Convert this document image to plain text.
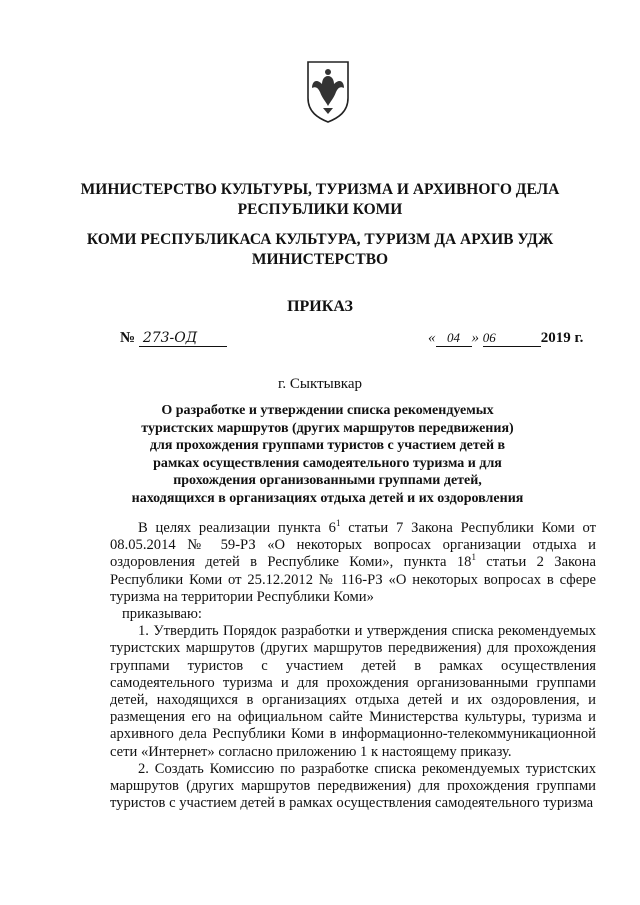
МИНИСТЕРСТВО КУЛЬТУРЫ, ТУРИЗМА И АРХИВНОГО ДЕЛА
РЕСПУБЛИКИ КОМИ
КОМИ РЕСПУБЛИКАСА КУЛЬТУРА, ТУРИЗМ ДА АРХИВ УДЖ
МИНИСТЕРСТВО

ПРИКАЗ

№ 273-ОД	« 04 » 06	2019 г.

г. Сыктывкар

О разработке и утверждении списка рекомендуемых туристских маршрутов (других маршрутов передвижения) для прохождения группами туристов с участием детей в рамках осуществления самодеятельного туризма и для прохождения организованными группами детей, находящихся в организациях отдыха детей и их оздоровления

В целях реализации пункта $6^1$ статьи 7 Закона Республики Коми от 08.05.2014 № 59-РЗ «О некоторых вопросах организации отдыха и оздоровления детей в Республике Коми», пункта $18^1$ статьи 2 Закона Республики Коми от 25.12.2012 № 116-РЗ «О некоторых вопросах в сфере туризма на территории Республики Коми»

приказываю:

1. Утвердить Порядок разработки и утверждения списка рекомендуемых туристских маршрутов (других маршрутов передвижения) для прохождения группами туристов с участием детей в рамках осуществления самодеятельного туризма и для прохождения организованными группами детей, находящихся в организациях отдыха детей и их оздоровления, и размещения его на официальном сайте Министерства культуры, туризма и архивного дела Республики Коми в информационно-телекоммуникационной сети «Интернет» согласно приложению 1 к настоящему приказу.

2. Создать Комиссию по разработке списка рекомендуемых туристских маршрутов (других маршрутов передвижения) для прохождения группами туристов с участием детей в рамках осуществления самодеятельного туризма
